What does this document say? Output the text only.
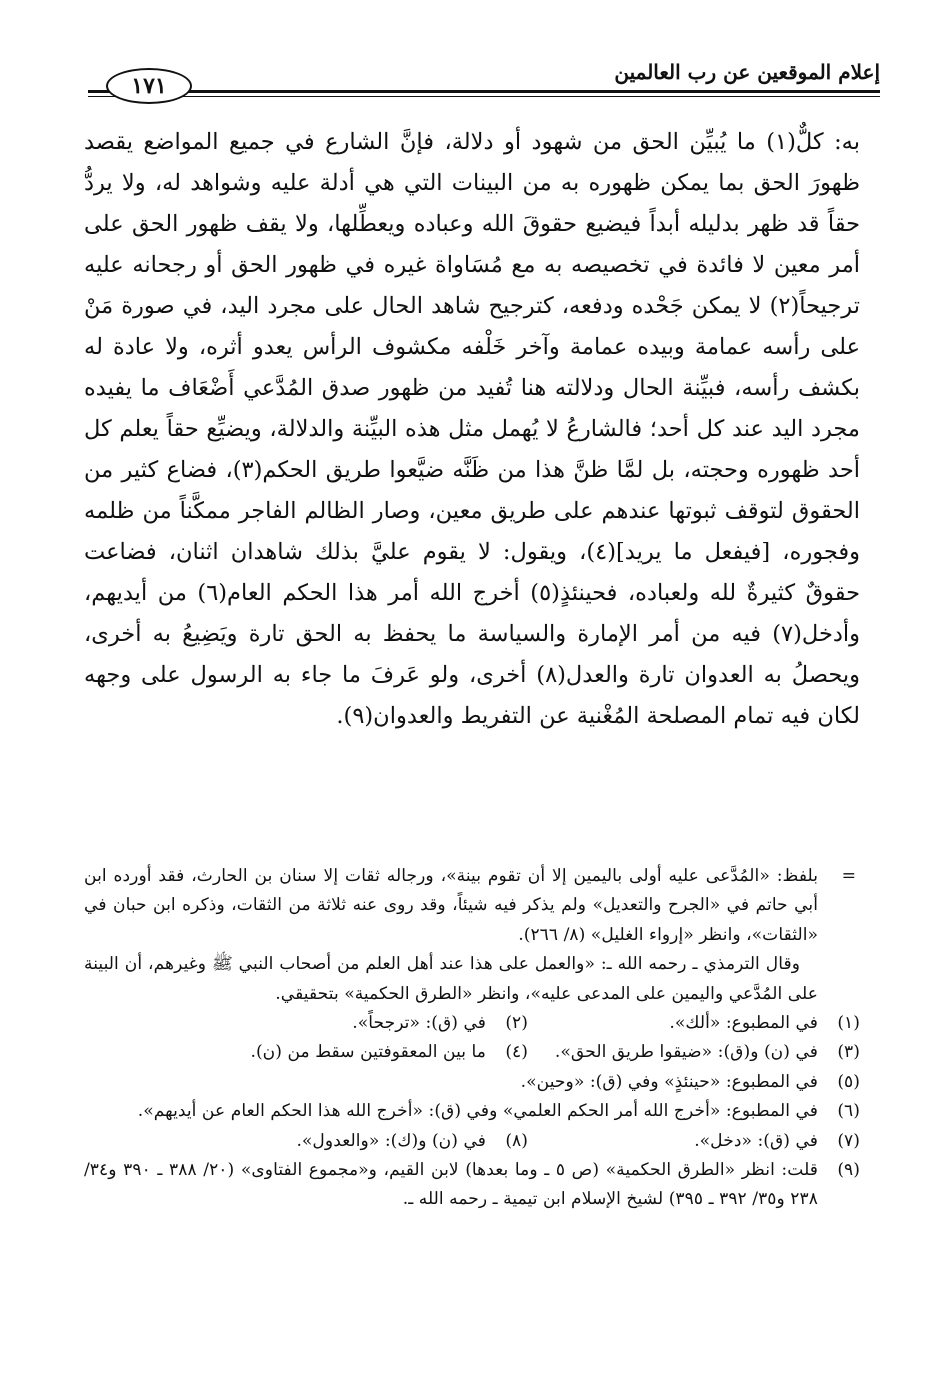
إعلام الموقعين عن رب العالمين
١٧١

به: كلٌّ(١) ما يُبيِّن الحق من شهود أو دلالة، فإنَّ الشارع في جميع المواضع يقصد ظهورَ الحق بما يمكن ظهوره به من البينات التي هي أدلة عليه وشواهد له، ولا يردُّ حقاً قد ظهر بدليله أبداً فيضيع حقوقَ الله وعباده ويعطِّلها، ولا يقف ظهور الحق على أمر معين لا فائدة في تخصيصه به مع مُسَاواة غيره في ظهور الحق أو رجحانه عليه ترجيحاً(٢) لا يمكن جَحْده ودفعه، كترجيح شاهد الحال على مجرد اليد، في صورة مَنْ على رأسه عمامة وبيده عمامة وآخر خَلْفه مكشوف الرأس يعدو أثره، ولا عادة له بكشف رأسه، فبيِّنة الحال ودلالته هنا تُفيد من ظهور صدق المُدَّعي أَضْعَاف ما يفيده مجرد اليد عند كل أحد؛ فالشارعُ لا يُهمل مثل هذه البيِّنة والدلالة، ويضيِّع حقاً يعلم كل أحد ظهوره وحجته، بل لمَّا ظنَّ هذا من ظَنَّه ضيَّعوا طريق الحكم(٣)، فضاع كثير من الحقوق لتوقف ثبوتها عندهم على طريق معين، وصار الظالم الفاجر ممكَّناً من ظلمه وفجوره، [فيفعل ما يريد](٤)، ويقول: لا يقوم عليَّ بذلك شاهدان اثنان، فضاعت حقوقٌ كثيرةٌ لله ولعباده، فحينئذٍ(٥) أخرج الله أمر هذا الحكم العام(٦) من أيديهم، وأدخل(٧) فيه من أمر الإمارة والسياسة ما يحفظ به الحق تارة ويَضِيعُ به أخرى، ويحصلُ به العدوان تارة والعدل(٨) أخرى، ولو عَرفَ ما جاء به الرسول على وجهه لكان فيه تمام المصلحة المُغْنية عن التفريط والعدوان(٩).

=

بلفظ: «المُدَّعى عليه أولى باليمين إلا أن تقوم بينة»، ورجاله ثقات إلا سنان بن الحارث، فقد أورده ابن أبي حاتم في «الجرح والتعديل» ولم يذكر فيه شيئاً، وقد روى عنه ثلاثة من الثقات، وذكره ابن حبان في «الثقات»، وانظر «إرواء الغليل» (٨/ ٢٦٦).

وقال الترمذي ـ رحمه الله ـ: «والعمل على هذا عند أهل العلم من أصحاب النبي ﷺ وغيرهم، أن البينة على المُدَّعي واليمين على المدعى عليه»، وانظر «الطرق الحكمية» بتحقيقي.

(١)
في المطبوع: «ألك».
(٢)
في (ق): «ترجحاً».
(٣)
في (ن) و(ق): «ضيقوا طريق الحق».
(٤)
ما بين المعقوفتين سقط من (ن).
(٥)
في المطبوع: «حينئذٍ» وفي (ق): «وحين».
(٦)
في المطبوع: «أخرج الله أمر الحكم العلمي» وفي (ق): «أخرج الله هذا الحكم العام عن أيديهم».
(٧)
في (ق): «دخل».
(٨)
في (ن) و(ك): «والعدول».
(٩)
قلت: انظر «الطرق الحكمية» (ص ٥ ـ وما بعدها) لابن القيم، و«مجموع الفتاوى» (٢٠/ ٣٨٨ ـ ٣٩٠ و٣٤/ ٢٣٨ و٣٥/ ٣٩٢ ـ ٣٩٥) لشيخ الإسلام ابن تيمية ـ رحمه الله ـ.
